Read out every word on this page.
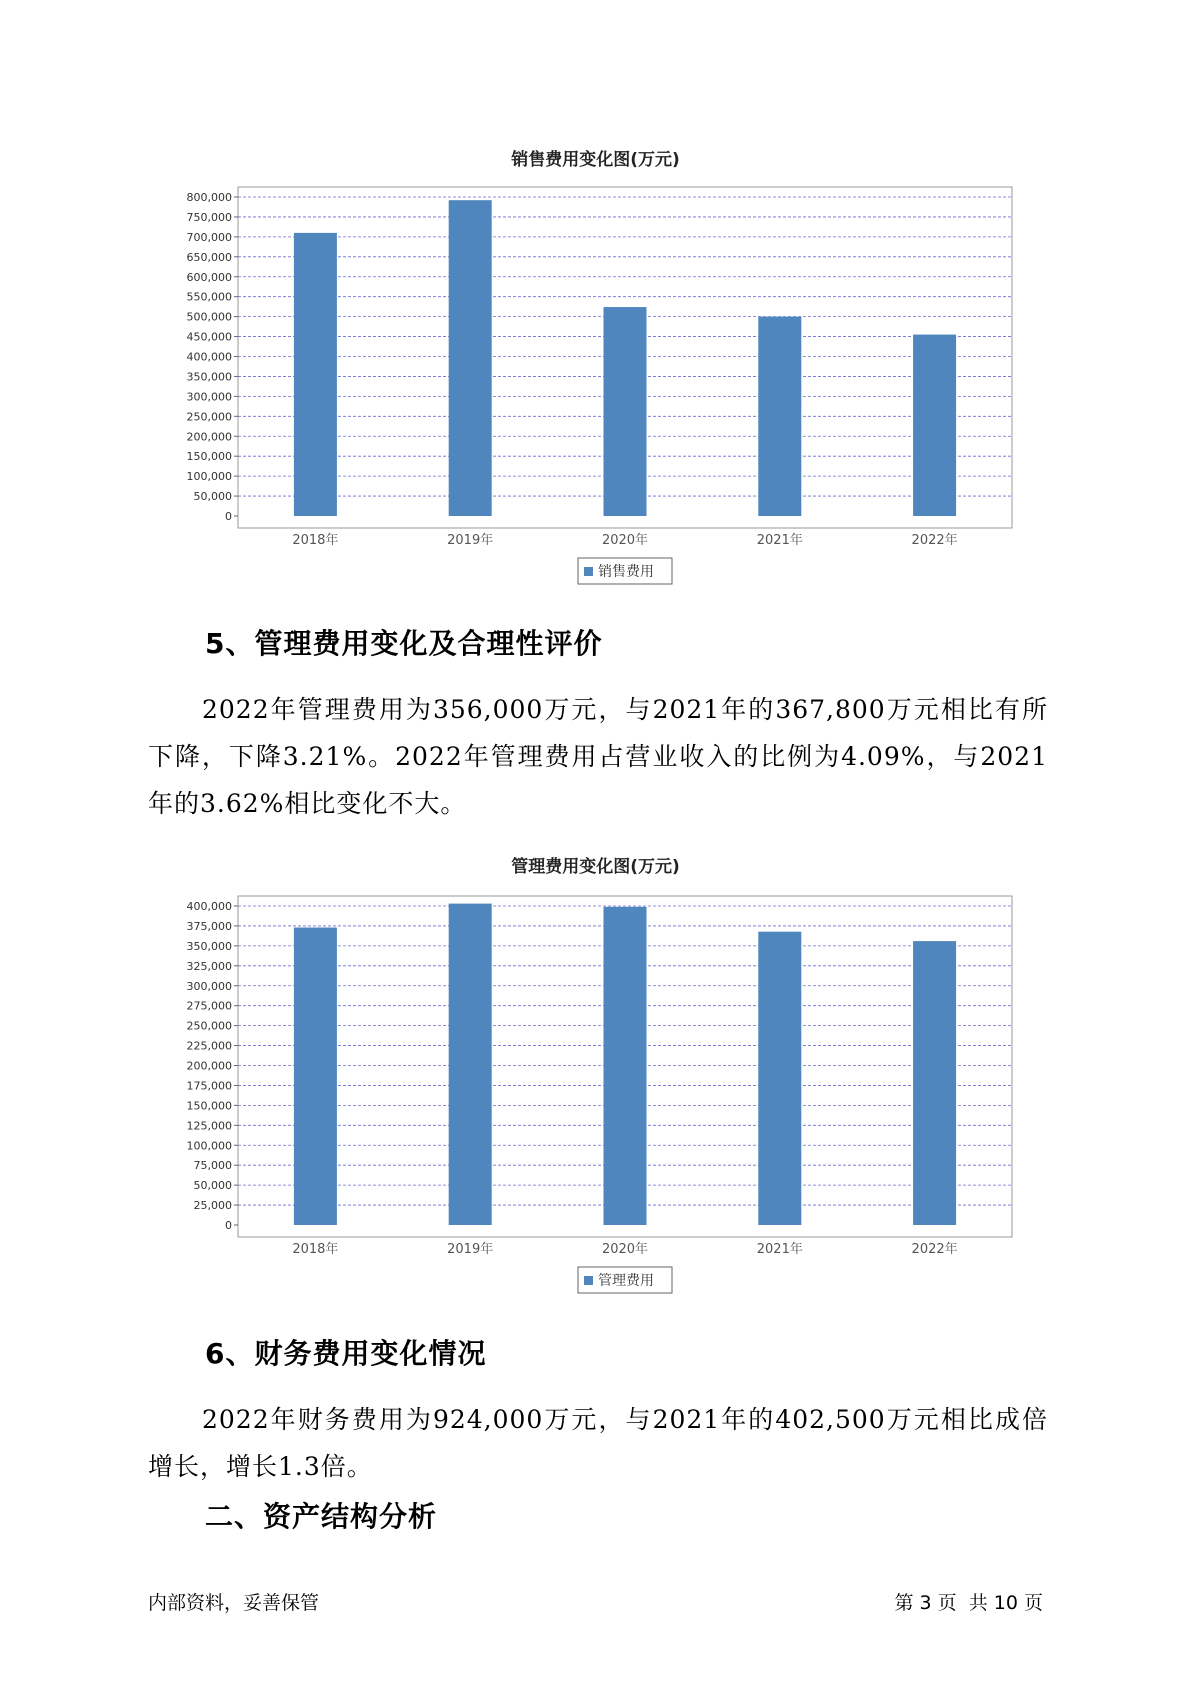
销售费用变化图(万元)
0
50,000
100,000
150,000
200,000
250,000
300,000
350,000
400,000
450,000
500,000
550,000
600,000
650,000
700,000
750,000
800,000
2018年	2019年	2020年	2021年	2022年
销售费用
5、管理费用变化及合理性评价
2022年管理费用为356,000万元，与2021年的367,800万元相比有所下降，下降3.21%。2022年管理费用占营业收入的比例为4.09%，与2021年的3.62%相比变化不大。
管理费用变化图(万元)
0
25,000
50,000
75,000
100,000
125,000
150,000
175,000
200,000
225,000
250,000
275,000
300,000
325,000
350,000
375,000
400,000
2018年	2019年	2020年	2021年	2022年
管理费用
6、财务费用变化情况
2022年财务费用为924,000万元，与2021年的402,500万元相比成倍增长，增长1.3倍。
二、资产结构分析
内部资料，妥善保管	第 3 页  共 10 页
